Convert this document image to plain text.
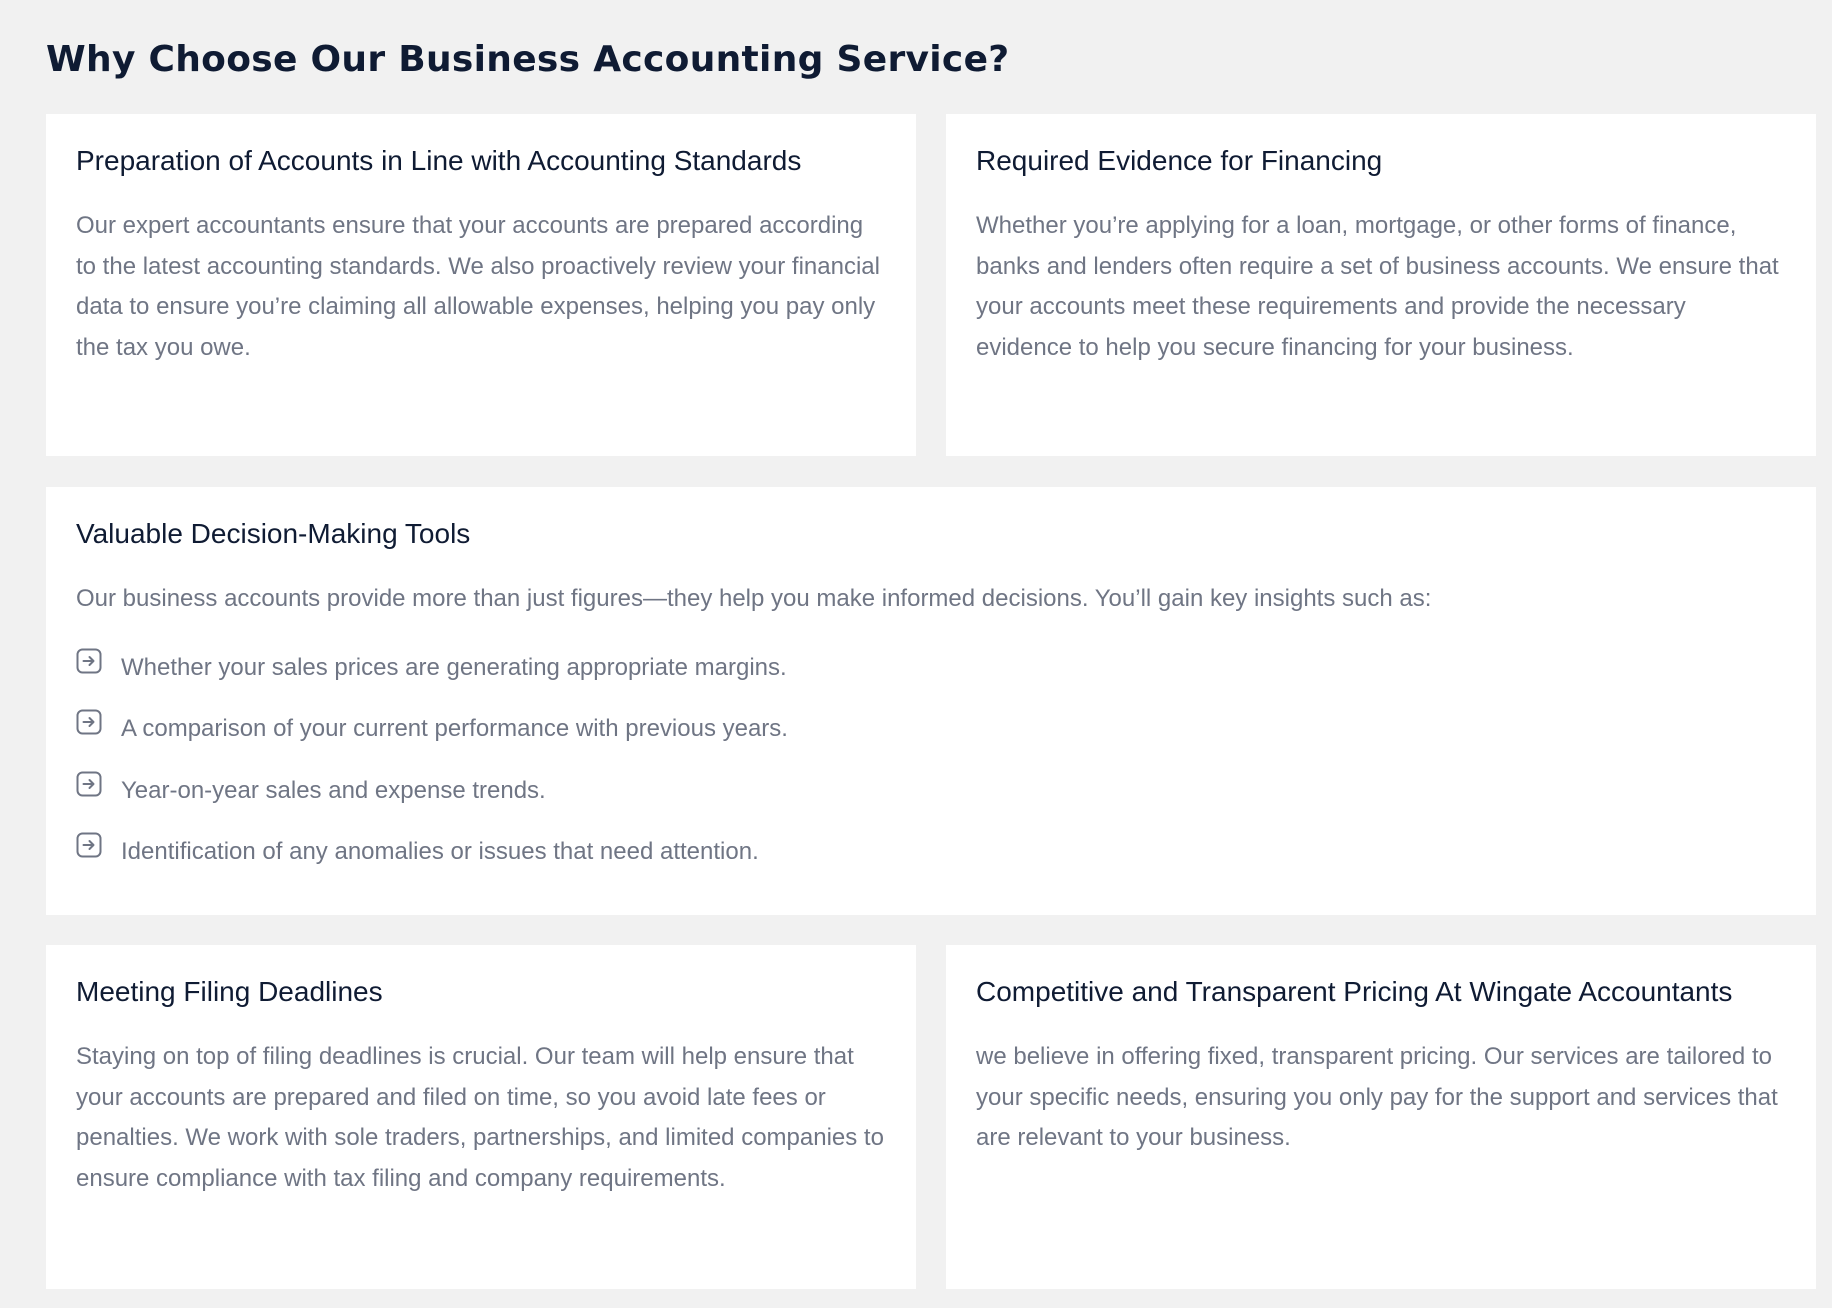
Why Choose Our Business Accounting Service?
Preparation of Accounts in Line with Accounting Standards

Our expert accountants ensure that your accounts are prepared according to the latest accounting standards. We also proactively review your financial data to ensure you’re claiming all allowable expenses, helping you pay only the tax you owe.

Required Evidence for Financing

Whether you’re applying for a loan, mortgage, or other forms of finance, banks and lenders often require a set of business accounts. We ensure that your accounts meet these requirements and provide the necessary evidence to help you secure financing for your business.

Valuable Decision-Making Tools

Our business accounts provide more than just figures—they help you make informed decisions. You’ll gain key insights such as:

Whether your sales prices are generating appropriate margins.
A comparison of your current performance with previous years.
Year-on-year sales and expense trends.
Identification of any anomalies or issues that need attention.
Meeting Filing Deadlines

Staying on top of filing deadlines is crucial. Our team will help ensure that your accounts are prepared and filed on time, so you avoid late fees or penalties. We work with sole traders, partnerships, and limited companies to ensure compliance with tax filing and company requirements.

Competitive and Transparent Pricing At Wingate Accountants

we believe in offering fixed, transparent pricing. Our services are tailored to your specific needs, ensuring you only pay for the support and services that are relevant to your business.
